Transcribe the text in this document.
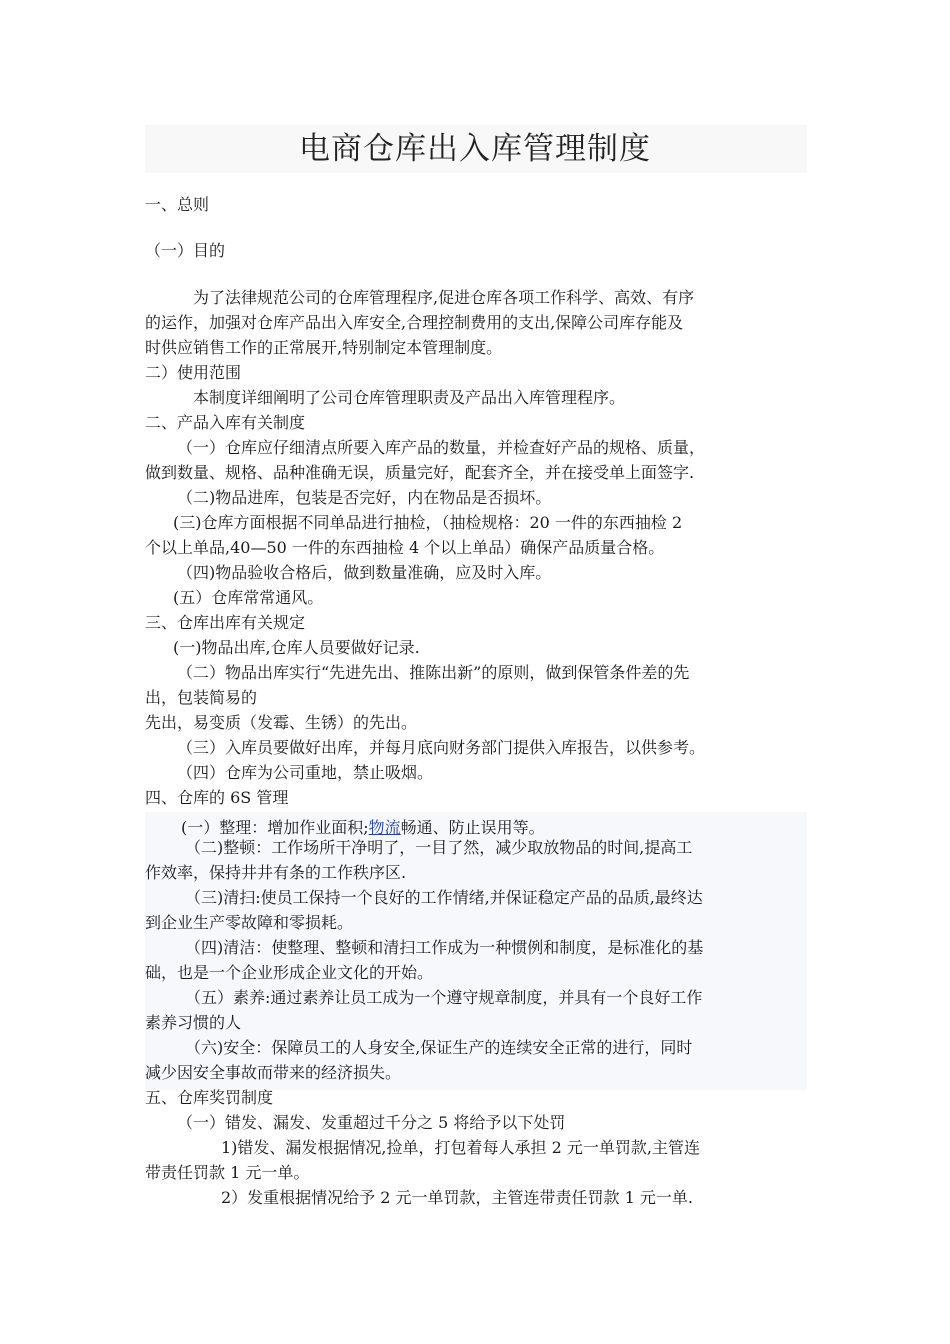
电商仓库出入库管理制度
一、总则
（一）目的
为了法律规范公司的仓库管理程序,促进仓库各项工作科学、高效、有序
的运作，加强对仓库产品出入库安全,合理控制费用的支出,保障公司库存能及
时供应销售工作的正常展开,特别制定本管理制度。
二）使用范围
本制度详细阐明了公司仓库管理职责及产品出入库管理程序。
二、产品入库有关制度
（一）仓库应仔细清点所要入库产品的数量，并检查好产品的规格、质量，
做到数量、规格、品种准确无误，质量完好，配套齐全，并在接受单上面签字.
（二)物品进库，包装是否完好，内在物品是否损坏。
(三)仓库方面根据不同单品进行抽检，（抽检规格：20 一件的东西抽检 2
个以上单品,40—50 一件的东西抽检 4 个以上单品）确保产品质量合格。
（四)物品验收合格后，做到数量准确，应及时入库。
(五）仓库常常通风。
三、仓库出库有关规定
(一)物品出库,仓库人员要做好记录.
（二）物品出库实行“先进先出、推陈出新”的原则，做到保管条件差的先
出，包装简易的
先出，易变质（发霉、生锈）的先出。
（三）入库员要做好出库，并每月底向财务部门提供入库报告，以供参考。
（四）仓库为公司重地，禁止吸烟。
四、仓库的 6S 管理
（二)整顿：工作场所干净明了，一目了然，减少取放物品的时间,提高工
作效率，保持井井有条的工作秩序区.
（三)清扫:使员工保持一个良好的工作情绪,并保证稳定产品的品质,最终达
到企业生产零故障和零损耗。
（四)清洁：使整理、整顿和清扫工作成为一种惯例和制度，是标准化的基
础，也是一个企业形成企业文化的开始。
（五）素养:通过素养让员工成为一个遵守规章制度，并具有一个良好工作
素养习惯的人
（六)安全：保障员工的人身安全,保证生产的连续安全正常的进行，同时
减少因安全事故而带来的经济损失。
五、仓库奖罚制度
（一）错发、漏发、发重超过千分之 5 将给予以下处罚
1)错发、漏发根据情况,捡单，打包着每人承担 2 元一单罚款,主管连
带责任罚款 1 元一单。
2）发重根据情况给予 2 元一单罚款，主管连带责任罚款 1 元一单.
(一）整理：增加作业面积;物流畅通、防止误用等。
